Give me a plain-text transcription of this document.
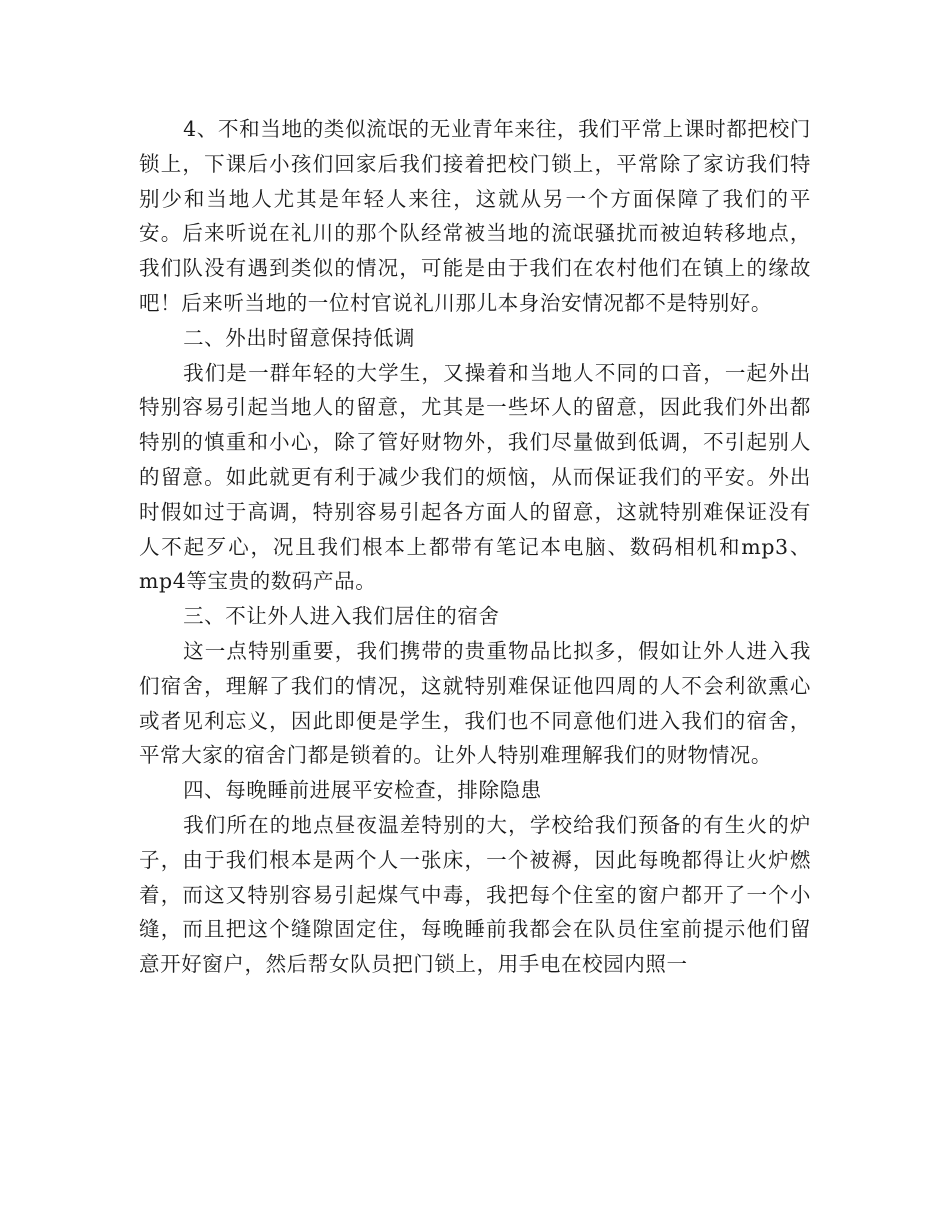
4、不和当地的类似流氓的无业青年来往，我们平常上课时都把校门锁上，下课后小孩们回家后我们接着把校门锁上，平常除了家访我们特别少和当地人尤其是年轻人来往，这就从另一个方面保障了我们的平安。后来听说在礼川的那个队经常被当地的流氓骚扰而被迫转移地点，我们队没有遇到类似的情况，可能是由于我们在农村他们在镇上的缘故吧！后来听当地的一位村官说礼川那儿本身治安情况都不是特别好。

二、外出时留意保持低调

我们是一群年轻的大学生，又操着和当地人不同的口音，一起外出特别容易引起当地人的留意，尤其是一些坏人的留意，因此我们外出都特别的慎重和小心，除了管好财物外，我们尽量做到低调，不引起别人的留意。如此就更有利于减少我们的烦恼，从而保证我们的平安。外出时假如过于高调，特别容易引起各方面人的留意，这就特别难保证没有人不起歹心，况且我们根本上都带有笔记本电脑、数码相机和mp3、mp4等宝贵的数码产品。

三、不让外人进入我们居住的宿舍

这一点特别重要，我们携带的贵重物品比拟多，假如让外人进入我们宿舍，理解了我们的情况，这就特别难保证他四周的人不会利欲熏心或者见利忘义，因此即便是学生，我们也不同意他们进入我们的宿舍，平常大家的宿舍门都是锁着的。让外人特别难理解我们的财物情况。

四、每晚睡前进展平安检查，排除隐患

我们所在的地点昼夜温差特别的大，学校给我们预备的有生火的炉子，由于我们根本是两个人一张床，一个被褥，因此每晚都得让火炉燃着，而这又特别容易引起煤气中毒，我把每个住室的窗户都开了一个小缝，而且把这个缝隙固定住，每晚睡前我都会在队员住室前提示他们留意开好窗户，然后帮女队员把门锁上，用手电在校园内照一
